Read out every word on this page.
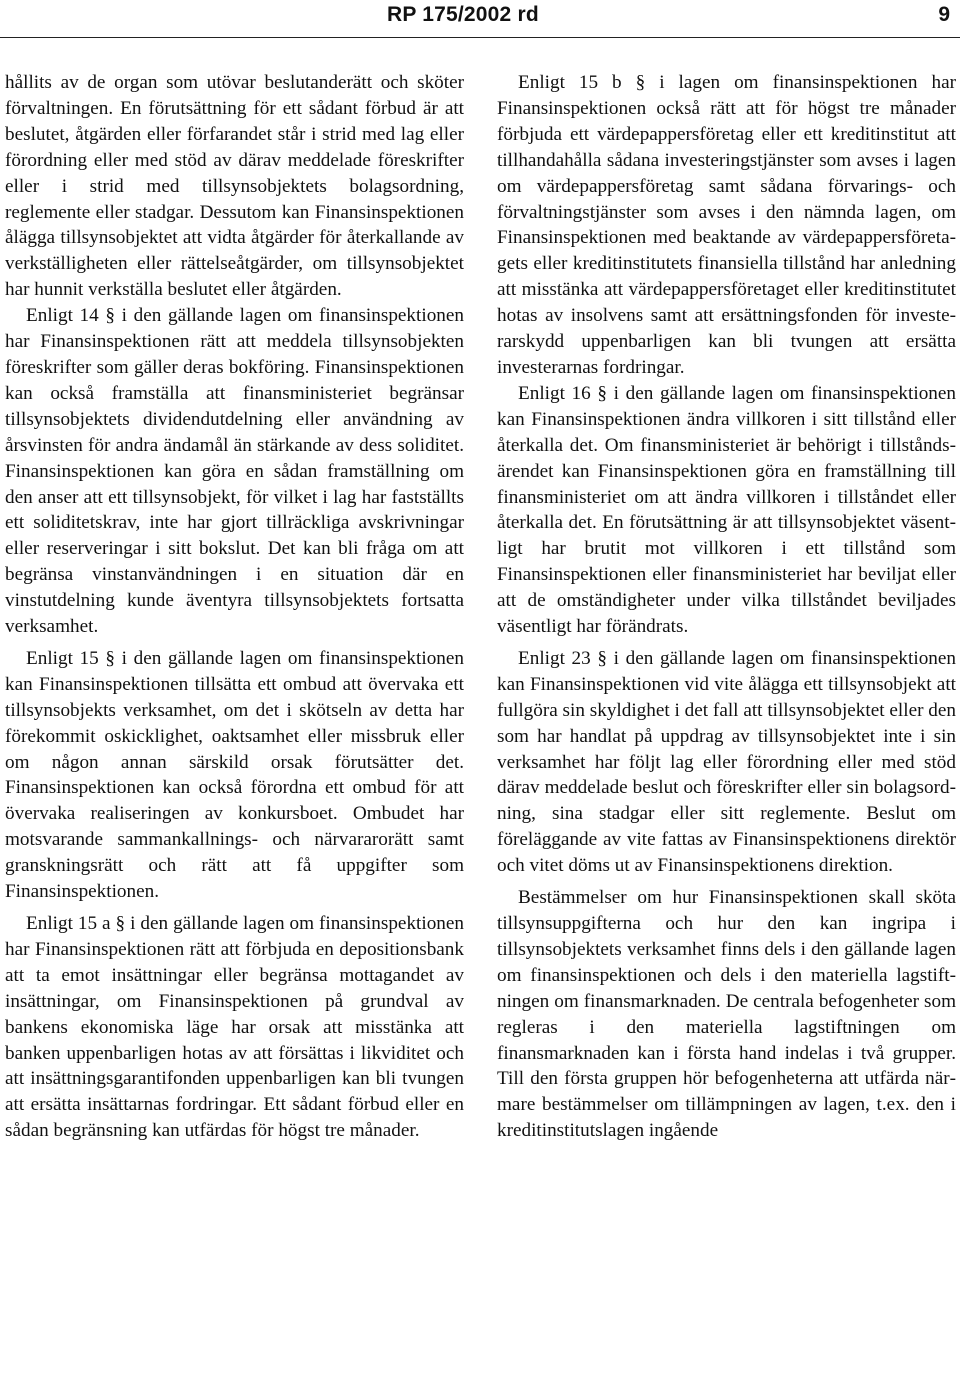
RP 175/2002 rd	9

hållits av de organ som utövar beslutanderätt och sköter förvaltningen. En förutsättning för ett sådant förbud är att beslutet, åtgärden eller förfarandet står i strid med lag eller förordning eller med stöd av därav meddelade föreskrifter eller i strid med tillsynsobjektets bolagsordning, reglemente eller stadgar. Dessutom kan Finansinspektionen ålägga tillsynsobjektet att vidta åtgärder för återkallande av verkställigheten eller rättelseåtgärder, om tillsynsobjektet har hunnit verkställa beslutet eller åtgärden.

Enligt 14 § i den gällande lagen om finansinspektionen har Finansinspektionen rätt att meddela tillsynsobjekten föreskrifter som gäller deras bokföring. Finansinspektionen kan också framställa att finansministeriet begränsar tillsynsobjektets dividendutdelning eller användning av årsvinsten för andra ändamål än stärkande av dess soliditet. Finansinspektionen kan göra en sådan framställning om den anser att ett tillsynsobjekt, för vilket i lag har fastställts ett soliditetskrav, inte har gjort tillräckliga avskrivningar eller reserveringar i sitt bokslut. Det kan bli fråga om att begränsa vinstanvändningen i en situation där en vinstutdelning kunde äventyra tillsynsobjektets fortsatta verksamhet.

Enligt 15 § i den gällande lagen om finansinspektionen kan Finansinspektionen tillsätta ett ombud att övervaka ett tillsynsobjekts verksamhet, om det i skötseln av detta har förekommit oskicklighet, oaktsamhet eller missbruk eller om någon annan särskild orsak förutsätter det. Finansinspektionen kan också förordna ett ombud för att övervaka realiseringen av konkursboet. Ombudet har motsvarande sammankallnings- och närvararorätt samt granskningsrätt och rätt att få uppgifter som Finansinspektionen.

Enligt 15 a § i den gällande lagen om finansinspektionen har Finansinspektionen rätt att förbjuda en depositionsbank att ta emot insättningar eller begränsa mottagandet av insättningar, om Finansinspektionen på grundval av bankens ekonomiska läge har orsak att misstänka att banken uppenbarligen hotas av att försättas i likviditet och att insättningsgarantifonden uppenbarligen kan bli tvungen att ersätta insättarnas fordringar. Ett sådant förbud eller en sådan begränsning kan utfärdas för högst tre månader.

Enligt 15 b § i lagen om finansinspektionen har Finansinspektionen också rätt att för högst tre månader förbjuda ett värdepappersföretag eller ett kreditinstitut att tillhandahålla sådana investeringstjänster som avses i lagen om värdepappersföretag samt sådana förvarings- och förvaltningstjänster som avses i den nämnda lagen, om Finansinspektionen med beaktande av värdepappersföretagets eller kreditinstitutets finansiella tillstånd har anledning att misstänka att värdepappersföretaget eller kreditinstitutet hotas av insolvens samt att ersättningsfonden för investerarskydd uppenbarligen kan bli tvungen att ersätta investerarnas fordringar.

Enligt 16 § i den gällande lagen om finansinspektionen kan Finansinspektionen ändra villkoren i sitt tillstånd eller återkalla det. Om finansministeriet är behörigt i tillståndsärendet kan Finansinspektionen göra en framställning till finansministeriet om att ändra villkoren i tillståndet eller återkalla det. En förutsättning är att tillsynsobjektet väsentligt har brutit mot villkoren i ett tillstånd som Finansinspektionen eller finansministeriet har beviljat eller att de omständigheter under vilka tillståndet beviljades väsentligt har förändrats.

Enligt 23 § i den gällande lagen om finansinspektionen kan Finansinspektionen vid vite ålägga ett tillsynsobjekt att fullgöra sin skyldighet i det fall att tillsynsobjektet eller den som har handlat på uppdrag av tillsynsobjektet inte i sin verksamhet har följt lag eller förordning eller med stöd därav meddelade beslut och föreskrifter eller sin bolagsordning, sina stadgar eller sitt reglemente. Beslut om föreläggande av vite fattas av Finansinspektionens direktör och vitet döms ut av Finansinspektionens direktion.

Bestämmelser om hur Finansinspektionen skall sköta tillsynsuppgifterna och hur den kan ingripa i tillsynsobjektets verksamhet finns dels i den gällande lagen om finansinspektionen och dels i den materiella lagstiftningen om finansmarknaden. De centrala befogenheter som regleras i den materiella lagstiftningen om finansmarknaden kan i första hand indelas i två grupper. Till den första gruppen hör befogenheterna att utfärda närmare bestämmelser om tillämpningen av lagen, t.ex. den i kreditinstitutslagen ingående
